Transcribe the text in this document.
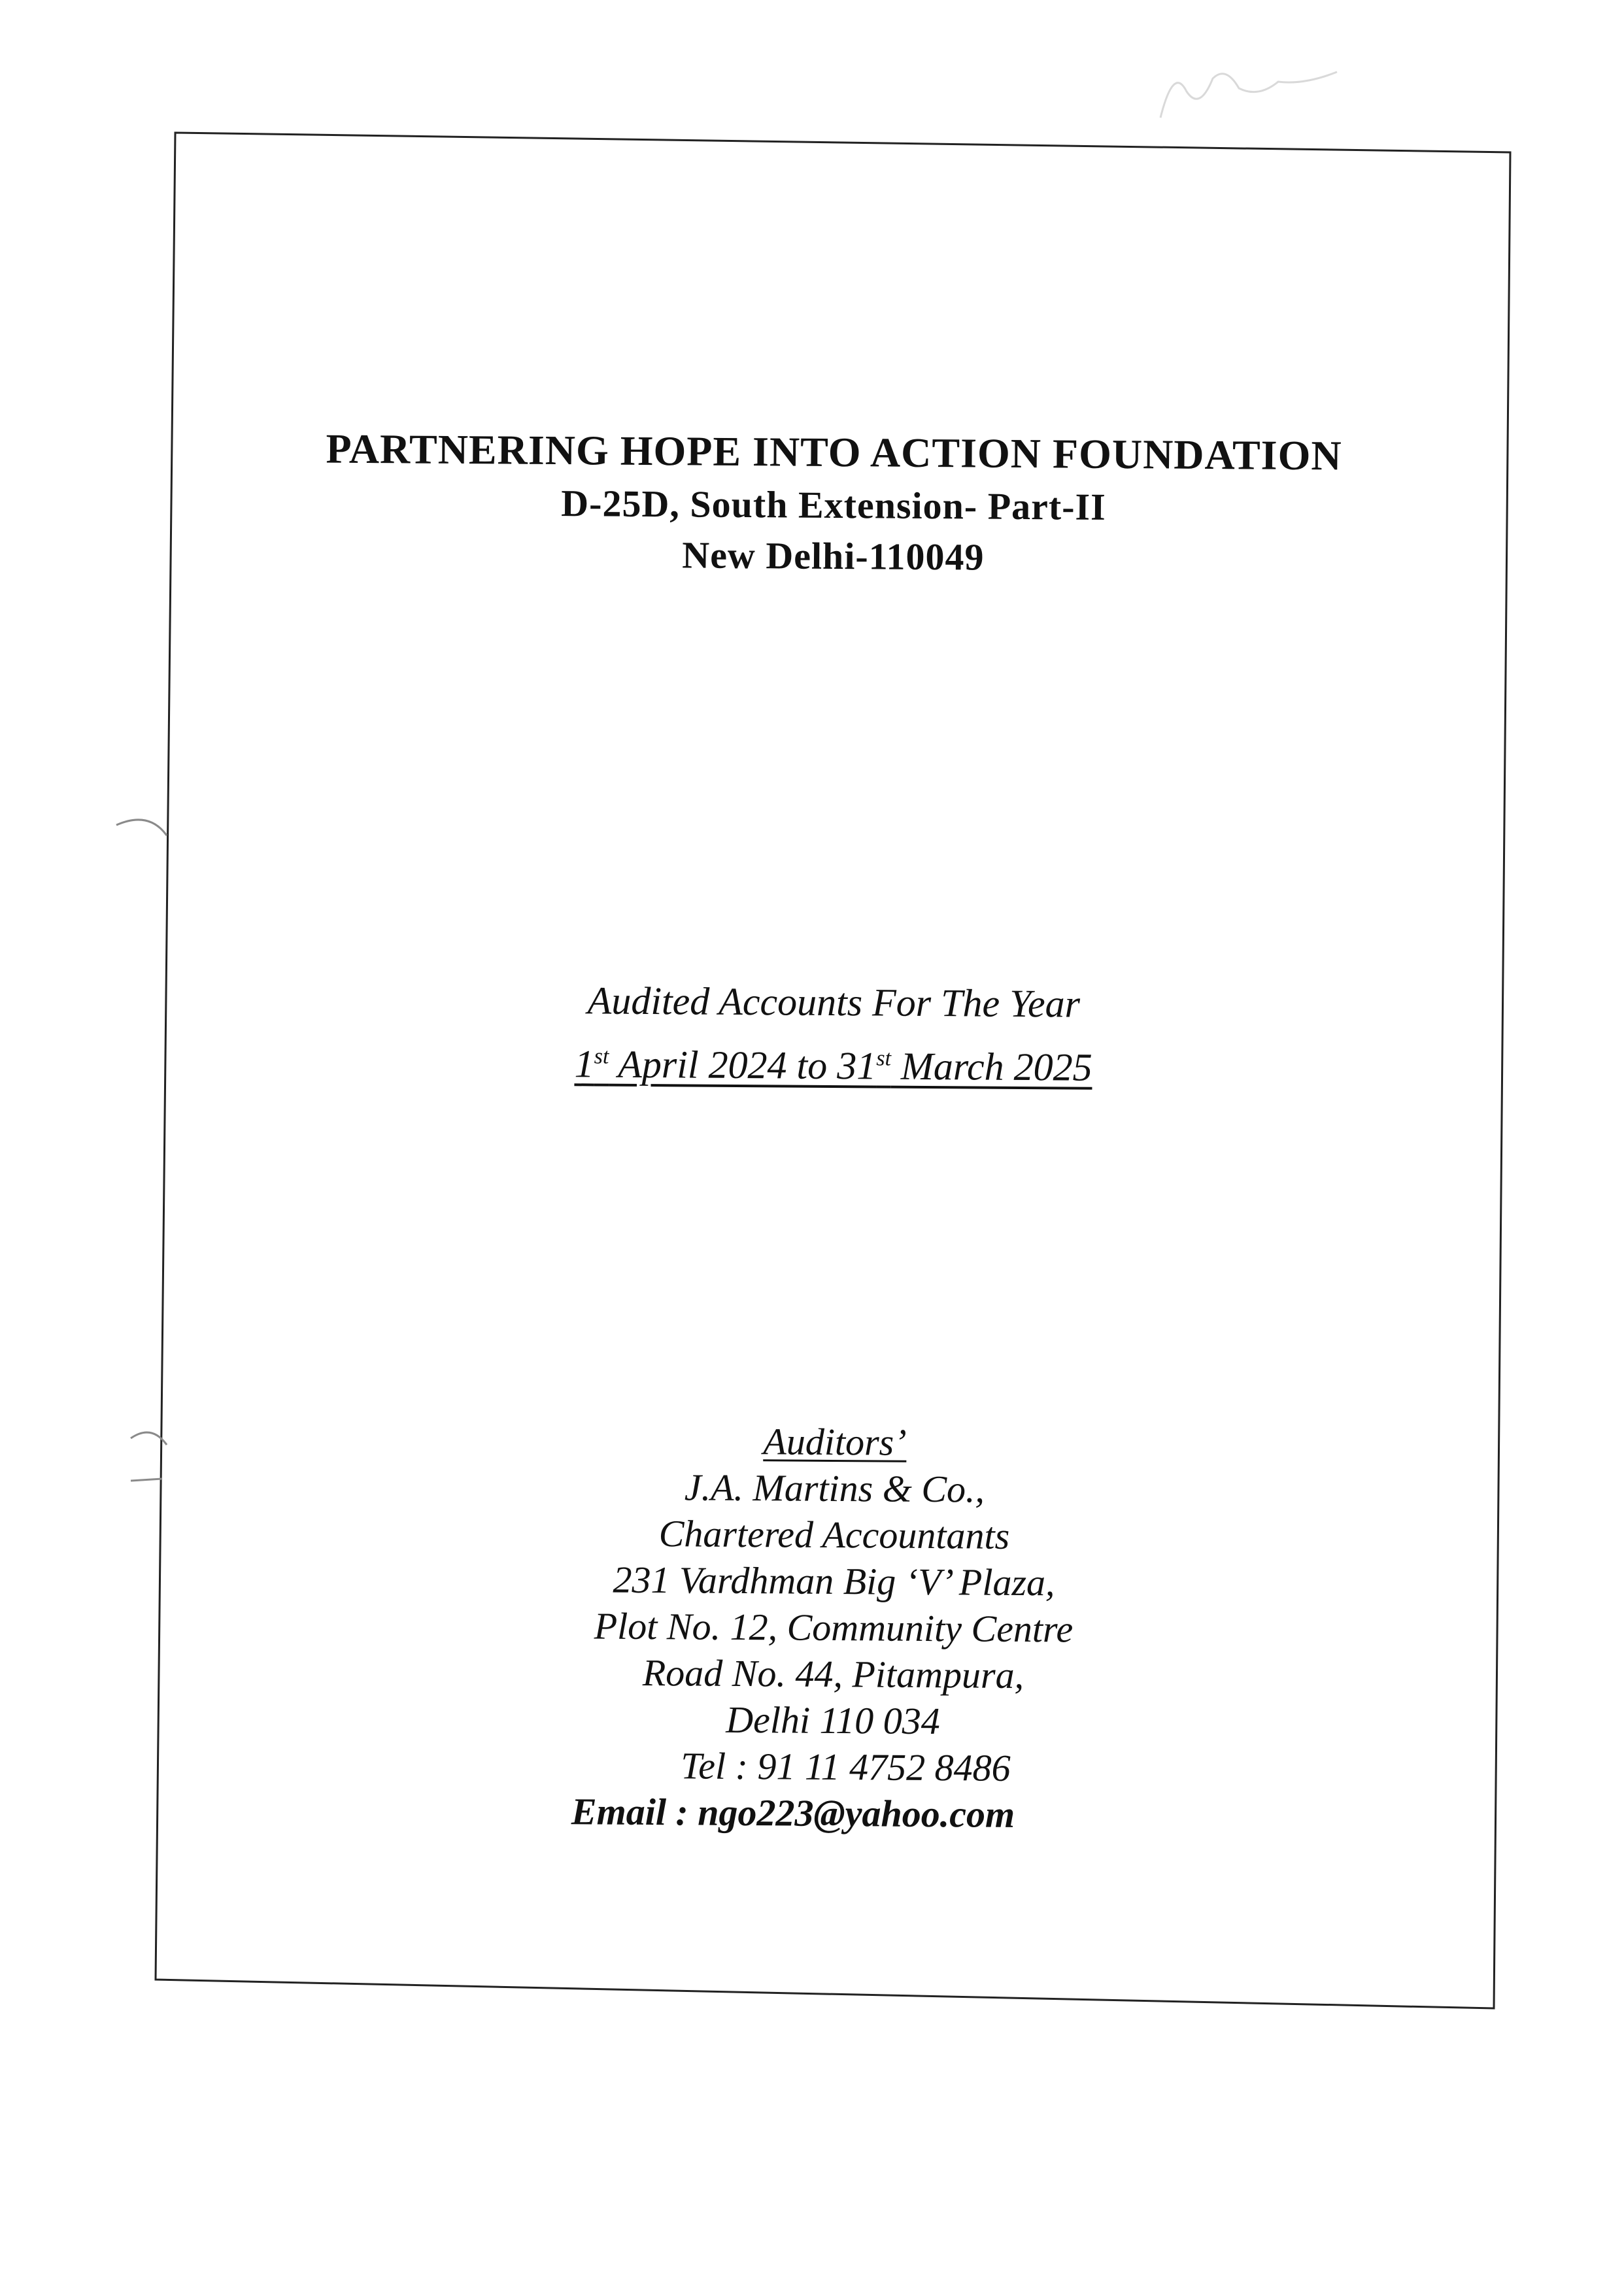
PARTNERING HOPE INTO ACTION FOUNDATION
D-25D, South Extension- Part-II
New Delhi-110049
Audited Accounts For The Year
1st April 2024 to 31st March 2025
Auditors’
J.A. Martins & Co.,
Chartered Accountants
231 Vardhman Big ‘V’ Plaza,
Plot No. 12, Community Centre
Road No. 44, Pitampura,
Delhi 110 034
Tel : 91 11 4752 8486
Email : ngo223@yahoo.com
